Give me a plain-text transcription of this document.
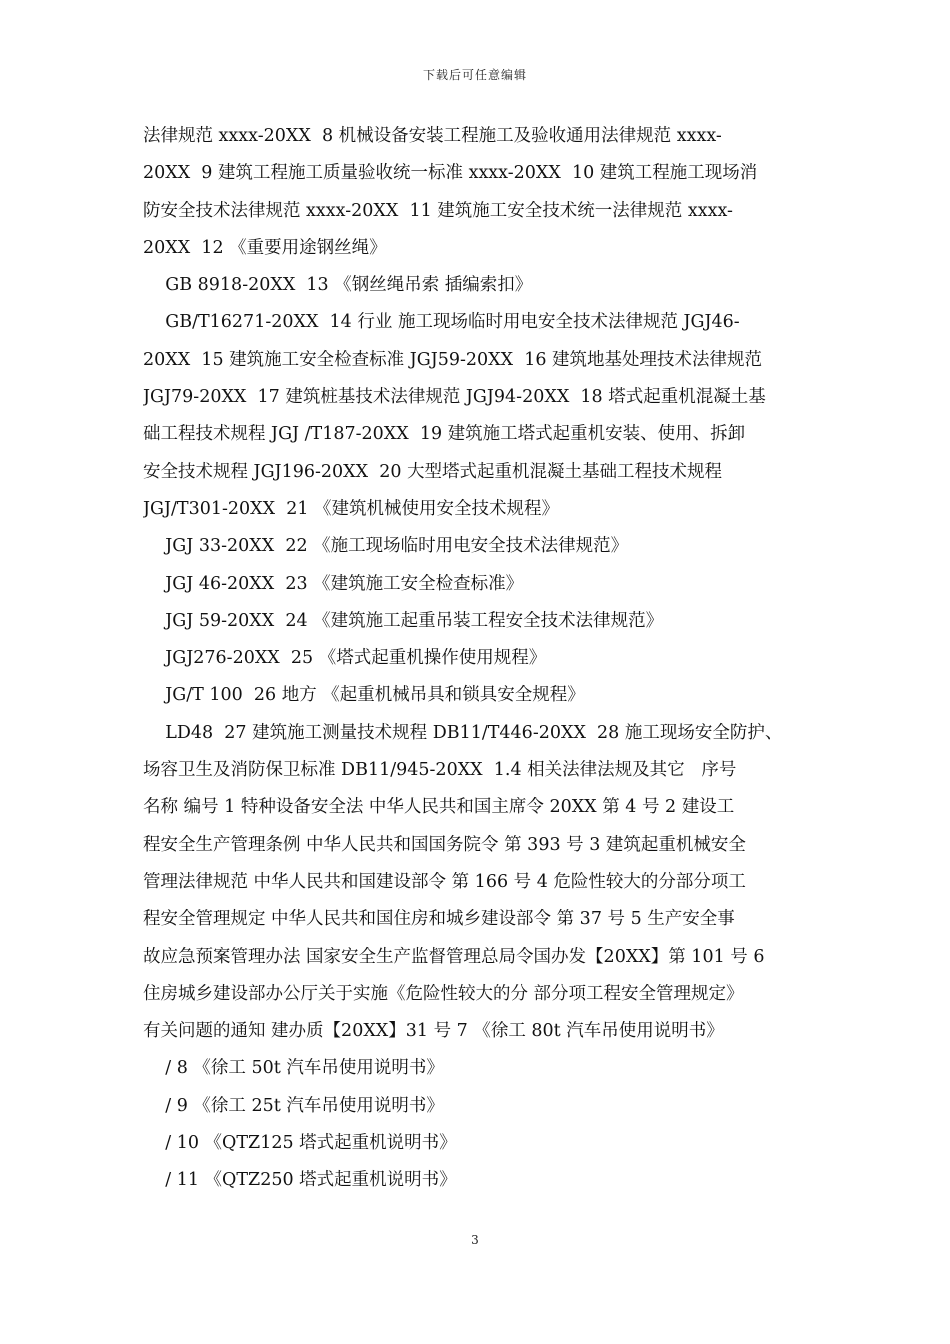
下载后可任意编辑
法律规范 xxxx-20XX  8 机械设备安装工程施工及验收通用法律规范 xxxx-
20XX  9 建筑工程施工质量验收统一标准 xxxx-20XX  10 建筑工程施工现场消
防安全技术法律规范 xxxx-20XX  11 建筑施工安全技术统一法律规范 xxxx-
20XX  12 《重要用途钢丝绳》
GB 8918-20XX  13 《钢丝绳吊索 插编索扣》
GB/T16271-20XX  14 行业 施工现场临时用电安全技术法律规范 JGJ46-
20XX  15 建筑施工安全检查标准 JGJ59-20XX  16 建筑地基处理技术法律规范
JGJ79-20XX  17 建筑桩基技术法律规范 JGJ94-20XX  18 塔式起重机混凝土基
础工程技术规程 JGJ /T187-20XX  19 建筑施工塔式起重机安装、使用、拆卸
安全技术规程 JGJ196-20XX  20 大型塔式起重机混凝土基础工程技术规程
JGJ/T301-20XX  21 《建筑机械使用安全技术规程》
JGJ 33-20XX  22 《施工现场临时用电安全技术法律规范》
JGJ 46-20XX  23 《建筑施工安全检查标准》
JGJ 59-20XX  24 《建筑施工起重吊装工程安全技术法律规范》
JGJ276-20XX  25 《塔式起重机操作使用规程》
JG/T 100  26 地方 《起重机械吊具和锁具安全规程》
LD48  27 建筑施工测量技术规程 DB11/T446-20XX  28 施工现场安全防护、
场容卫生及消防保卫标准 DB11/945-20XX  1.4 相关法律法规及其它   序号
名称 编号 1 特种设备安全法 中华人民共和国主席令 20XX 第 4 号 2 建设工
程安全生产管理条例 中华人民共和国国务院令 第 393 号 3 建筑起重机械安全
管理法律规范 中华人民共和国建设部令 第 166 号 4 危险性较大的分部分项工
程安全管理规定 中华人民共和国住房和城乡建设部令 第 37 号 5 生产安全事
故应急预案管理办法 国家安全生产监督管理总局令国办发【20XX】第 101 号 6
住房城乡建设部办公厅关于实施《危险性较大的分 部分项工程安全管理规定》
有关问题的通知 建办质【20XX】31 号 7 《徐工 80t 汽车吊使用说明书》
/ 8 《徐工 50t 汽车吊使用说明书》
/ 9 《徐工 25t 汽车吊使用说明书》
/ 10 《QTZ125 塔式起重机说明书》
/ 11 《QTZ250 塔式起重机说明书》
3
